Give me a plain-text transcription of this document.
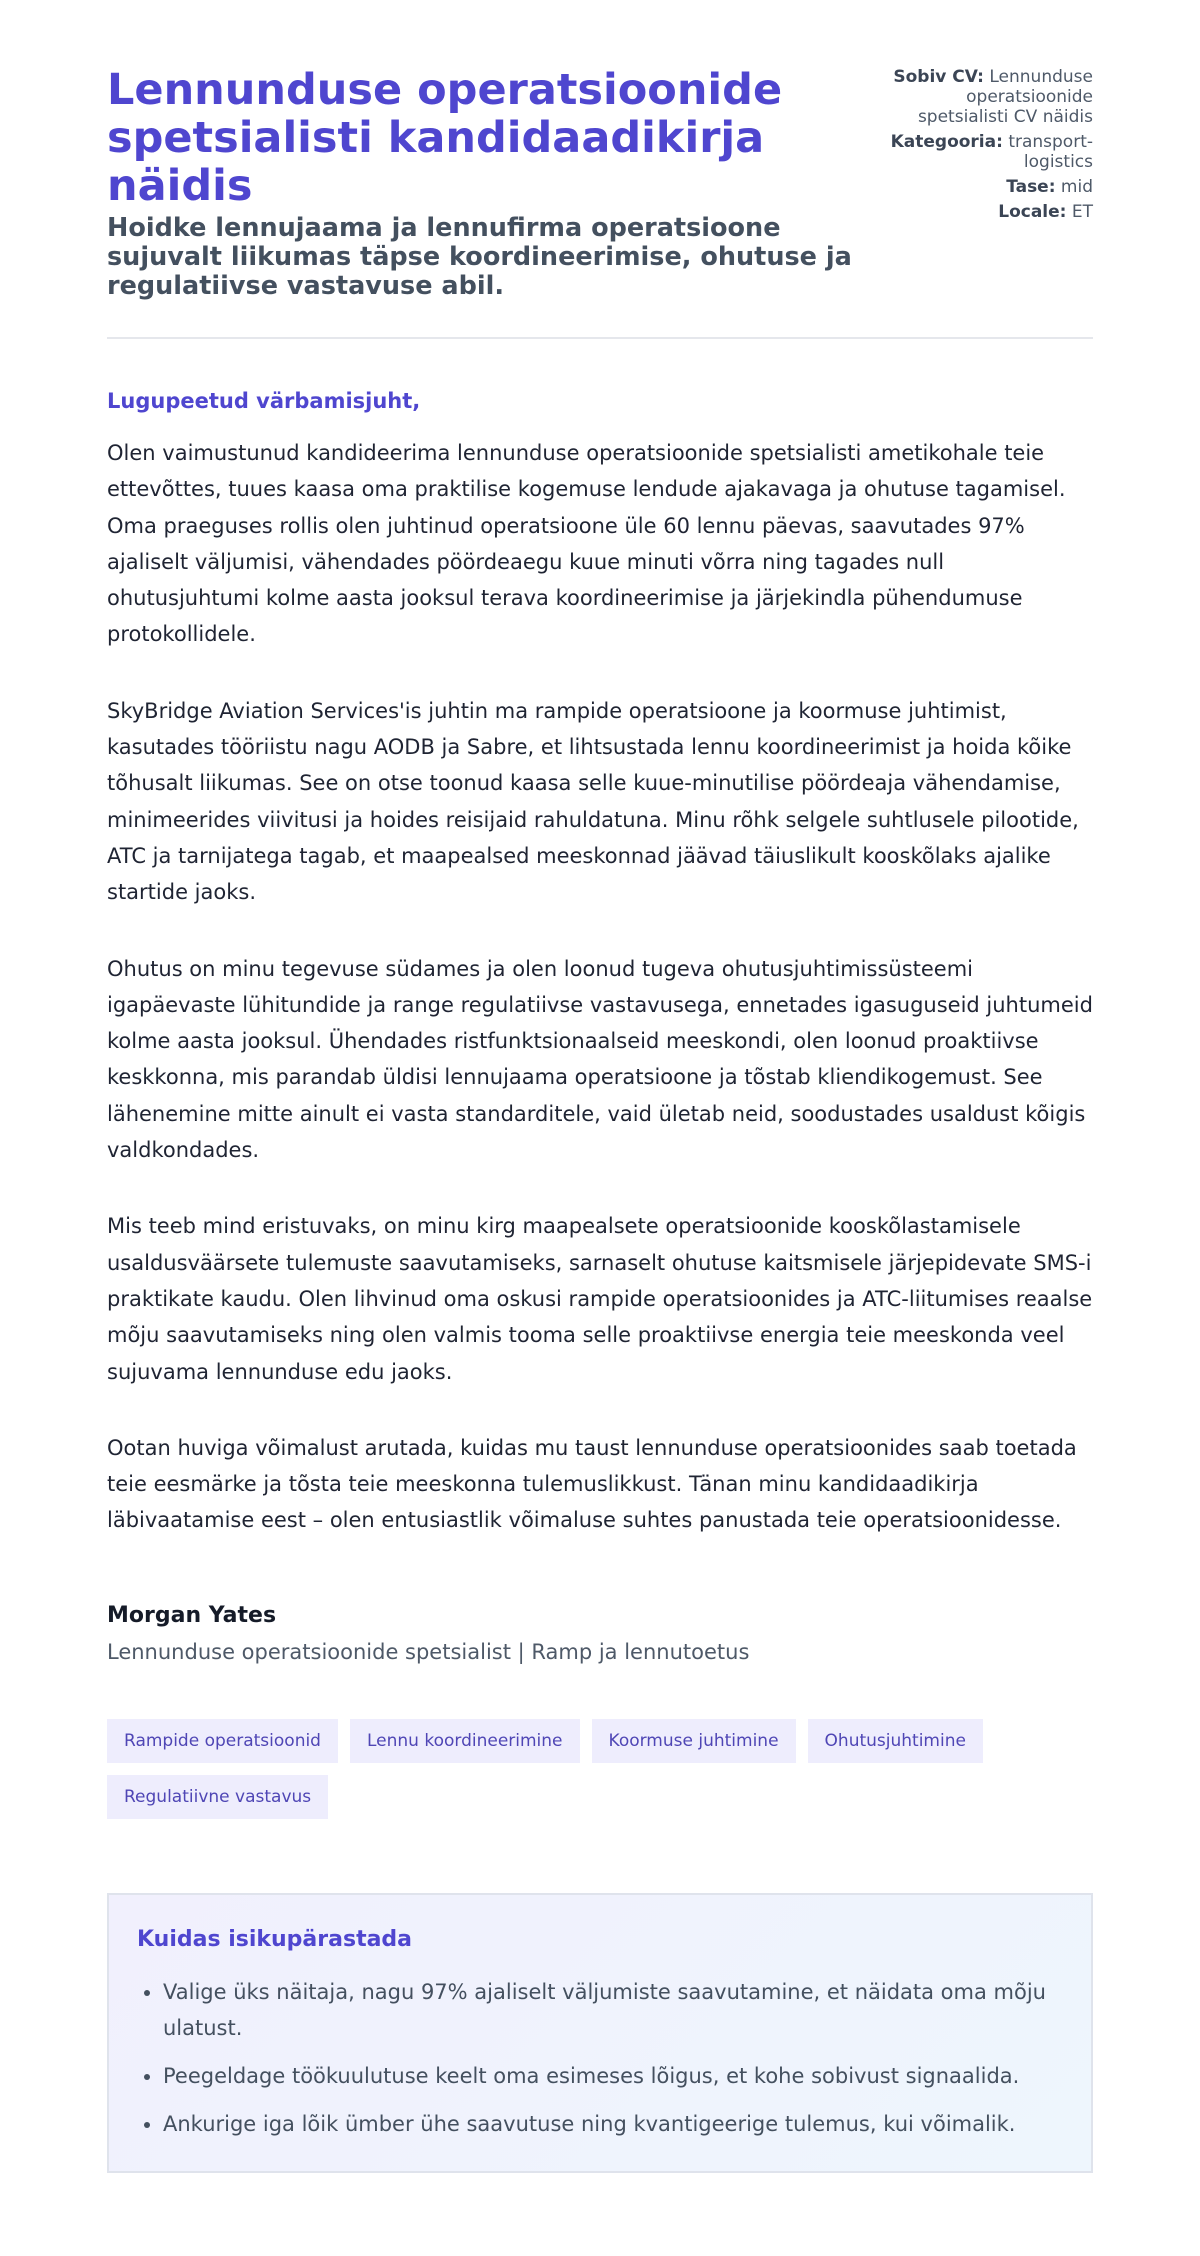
Lennunduse operatsioonide spetsialisti kandidaadikirja näidis

Hoidke lennujaama ja lennufirma operatsioone sujuvalt liikumas täpse koordineerimise, ohutuse ja regulatiivse vastavuse abil.

Sobiv CV: Lennunduse operatsioonide spetsialisti CV näidis
Kategooria: transport-logistics
Tase: mid
Locale: ET

Lugupeetud värbamisjuht,

Olen vaimustunud kandideerima lennunduse operatsioonide spetsialisti ametikohale teie ettevõttes, tuues kaasa oma praktilise kogemuse lendude ajakavaga ja ohutuse tagamisel. Oma praeguses rollis olen juhtinud operatsioone üle 60 lennu päevas, saavutades 97% ajaliselt väljumisi, vähendades pöördeaegu kuue minuti võrra ning tagades null ohutusjuhtumi kolme aasta jooksul terava koordineerimise ja järjekindla pühendumuse protokollidele.

SkyBridge Aviation Services'is juhtin ma rampide operatsioone ja koormuse juhtimist, kasutades tööriistu nagu AODB ja Sabre, et lihtsustada lennu koordineerimist ja hoida kõike tõhusalt liikumas. See on otse toonud kaasa selle kuue-minutilise pöördeaja vähendamise, minimeerides viivitusi ja hoides reisijaid rahuldatuna. Minu rõhk selgele suhtlusele pilootide, ATC ja tarnijatega tagab, et maapealsed meeskonnad jäävad täiuslikult kooskõlaks ajalike startide jaoks.

Ohutus on minu tegevuse südames ja olen loonud tugeva ohutusjuhtimissüsteemi igapäevaste lühitundide ja range regulatiivse vastavusega, ennetades igasuguseid juhtumeid kolme aasta jooksul. Ühendades ristfunktsionaalseid meeskondi, olen loonud proaktiivse keskkonna, mis parandab üldisi lennujaama operatsioone ja tõstab kliendikogemust. See lähenemine mitte ainult ei vasta standarditele, vaid ületab neid, soodustades usaldust kõigis valdkondades.

Mis teeb mind eristuvaks, on minu kirg maapealsete operatsioonide kooskõlastamisele usaldusväärsete tulemuste saavutamiseks, sarnaselt ohutuse kaitsmisele järjepidevate SMS-i praktikate kaudu. Olen lihvinud oma oskusi rampide operatsioonides ja ATC-liitumises reaalse mõju saavutamiseks ning olen valmis tooma selle proaktiivse energia teie meeskonda veel sujuvama lennunduse edu jaoks.

Ootan huviga võimalust arutada, kuidas mu taust lennunduse operatsioonides saab toetada teie eesmärke ja tõsta teie meeskonna tulemuslikkust. Tänan minu kandidaadikirja läbivaatamise eest – olen entusiastlik võimaluse suhtes panustada teie operatsioonidesse.

Morgan Yates

Lennunduse operatsioonide spetsialist | Ramp ja lennutoetus

Rampide operatsioonid	Lennu koordineerimine	Koormuse juhtimine	Ohutusjuhtimine
Regulatiivne vastavus
Kuidas isikupärastada
• Valige üks näitaja, nagu 97% ajaliselt väljumiste saavutamine, et näidata oma mõju ulatust.
• Peegeldage töökuulutuse keelt oma esimeses lõigus, et kohe sobivust signaalida.
• Ankurige iga lõik ümber ühe saavutuse ning kvantigeerige tulemus, kui võimalik.
